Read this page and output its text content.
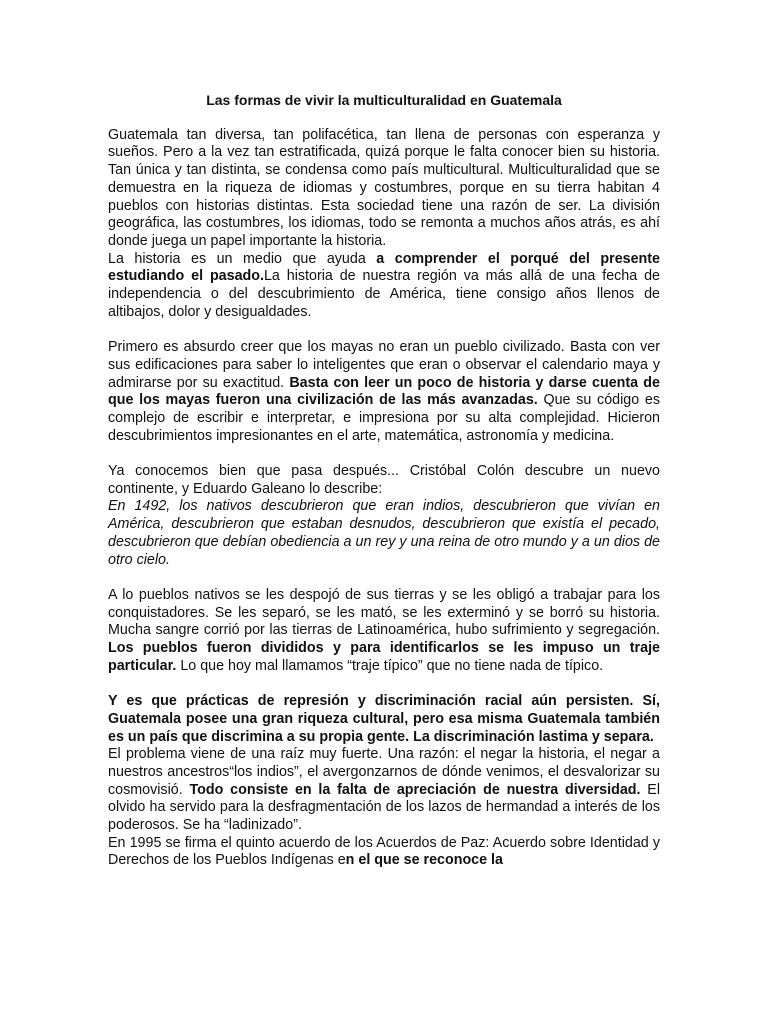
Las formas de vivir la multiculturalidad en Guatemala

Guatemala tan diversa, tan polifacética, tan llena de personas con esperanza y sueños. Pero a la vez tan estratificada, quizá porque le falta conocer bien su historia. Tan única y tan distinta, se condensa como país multicultural. Multiculturalidad que se demuestra en la riqueza de idiomas y costumbres, porque en su tierra habitan 4 pueblos con historias distintas. Esta sociedad tiene una razón de ser. La división geográfica, las costumbres, los idiomas, todo se remonta a muchos años atrás, es ahí donde juega un papel importante la historia.
La historia es un medio que ayuda a comprender el porqué del presente estudiando el pasado.La historia de nuestra región va más allá de una fecha de independencia o del descubrimiento de América, tiene consigo años llenos de altibajos, dolor y desigualdades.

Primero es absurdo creer que los mayas no eran un pueblo civilizado. Basta con ver sus edificaciones para saber lo inteligentes que eran o observar el calendario maya y admirarse por su exactitud. Basta con leer un poco de historia y darse cuenta de que los mayas fueron una civilización de las más avanzadas. Que su código es complejo de escribir e interpretar, e impresiona por su alta complejidad. Hicieron descubrimientos impresionantes en el arte, matemática, astronomía y medicina.

Ya conocemos bien que pasa después... Cristóbal Colón descubre un nuevo continente, y Eduardo Galeano lo describe:
En 1492, los nativos descubrieron que eran indios, descubrieron que vivían en América, descubrieron que estaban desnudos, descubrieron que existía el pecado, descubrieron que debían obediencia a un rey y una reina de otro mundo y a un dios de otro cielo.

A lo pueblos nativos se les despojó de sus tierras y se les obligó a trabajar para los conquistadores. Se les separó, se les mató, se les exterminó y se borró su historia. Mucha sangre corrió por las tierras de Latinoamérica, hubo sufrimiento y segregación. Los pueblos fueron divididos y para identificarlos se les impuso un traje particular. Lo que hoy mal llamamos “traje típico” que no tiene nada de típico.

Y es que prácticas de represión y discriminación racial aún persisten. Sí, Guatemala posee una gran riqueza cultural, pero esa misma Guatemala también es un país que discrimina a su propia gente. La discriminación lastima y separa.
El problema viene de una raíz muy fuerte. Una razón: el negar la historia, el negar a nuestros ancestros“los indios”, el avergonzarnos de dónde venimos, el desvalorizar su cosmovisió. Todo consiste en la falta de apreciación de nuestra diversidad. El olvido ha servido para la desfragmentación de los lazos de hermandad a interés de los poderosos. Se ha “ladinizado”.
En 1995 se firma el quinto acuerdo de los Acuerdos de Paz: Acuerdo sobre Identidad y Derechos de los Pueblos Indígenas en el que se reconoce la
